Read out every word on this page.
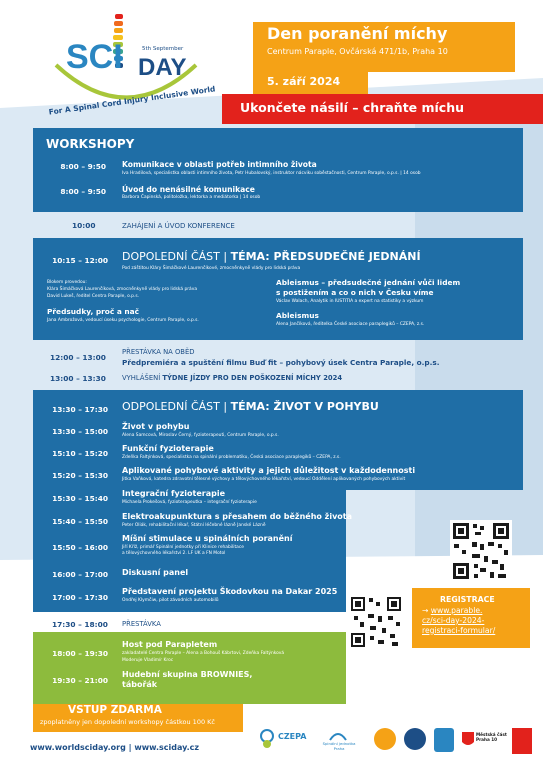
SCI DAY
5th September
For A Spinal Cord Injury Inclusive World
Den poranění míchy
Centrum Paraple, Ovčárská 471/1b, Praha 10
5. září 2024
Ukončete násilí – chraňte míchu
WORKSHOPY
8:00 – 9:50 Komunikace v oblasti potřeb intimního života
Iva Hradilová, specialistka oblasti intimního života, Petr Hubalovský, instruktor nácviku soběstačnosti, Centrum Paraple, o.p.s. | 14 osob
8:00 – 9:50 Úvod do nenásilné komunikace
Barbora Čapinská, politoložka, lektorka a mediátorka | 14 osob
10:00	ZAHÁJENÍ A ÚVOD KONFERENCE
10:15 – 12:00 DOPOLEDNÍ ČÁST | TÉMA: PŘEDSUDEČNÉ JEDNÁNÍ
Pod záštitou Kláry Šimáčkové Laurenčíkové, zmocněnkyně vlády pro lidská práva
Blokem provedou:
Klára Šimáčková Laurenčíková, zmocněnkyně vlády pro lidská práva
David Lukeš, ředitel Centra Paraple, o.p.s.
Předsudky, proč a nač
Jana Ambrožová, vedoucí úseku psychologie, Centrum Paraple, o.p.s.
Ableismus – předsudečné jednání vůči lidem
s postižením a co o nich v Česku víme
Václav Walach, Analytik in IUSTITIA a expert na statistiky a výzkum
Ableismus
Alena Jančíková, ředitelka České asociace paraplegiků – CZEPA, z.s.
12:00 – 13:00
PŘESTÁVKA NA OBĚD
Předpremiéra a spuštění filmu Buď fit – pohybový úsek Centra Paraple, o.p.s.
13:00 – 13:30 VYHLÁŠENÍ TÝDNE JÍZDY PRO DEN POŠKOZENÍ MÍCHY 2024
13:30 – 17:30 ODPOLEDNÍ ČÁST | TÉMA: ŽIVOT V POHYBU
13:30 – 15:00
Život v pohybu
Alena Samcová, Miroslav Černý, fyzioterapeuti, Centrum Paraple, o.p.s.
15:10 – 15:20
Funkční fyzioterapie
Zdeňka Faltýnková, specialistka na spinální problematiku, Česká asociace paraplegiků – CZEPA, z.s.
15:20 – 15:30
Aplikované pohybové aktivity a jejich důležitost v každodennosti
Jitka Vaňková, katedra zdravotní tělesné výchovy a tělovýchovného lékařství, vedoucí Oddělení aplikovaných pohybových aktivit
15:30 – 15:40
Integrační fyzioterapie
Michaela Prokešová, fyzioterapeutka – integrační fyzioterapie
15:40 – 15:50
Elektroakupunktura s přesahem do běžného života
Peter Oliák, rehabilitační lékař, Státní léčebné lázně Janské Lázně
15:50 – 16:00
Míšní stimulace u spinálních poranění
Jiří Kříž, primář Spinální jednotky při Klinice rehabilitace
a tělovýchovného lékařství 2. LF UK a FN Motol
16:00 – 17:00 Diskusní panel
17:00 – 17:30
Představení projektu Škodovkou na Dakar 2025
Ondřej Klymčiw, pilot závodních automobilů	REGISTRACE
→ www.parable.
cz/sci-day-2024-
registraci-formular/
17:30 – 18:00 PŘESTÁVKA
18:00 – 19:30
Host pod Parapletem
zakladatelé Centra Paraple – Alena a Bohouš Kábrtovi, Zdeňka Faltýnková
Moderuje Vladimír Kroc
19:30 – 21:00
Hudební skupina BROWNIES,
tábořák
Podrobný program a další informace
najdete na → www.parable.cz/paraple/
akce/sci-day-2024-mezinarodni-den-
poskozeni-michy/
VSTUP ZDARMA
zpoplatněny jen dopolední workshopy částkou 100 Kč
www.worldsciday.org | www.sciday.cz
CZEPA
Spinální jednotka Praha
Městská část Praha 10
